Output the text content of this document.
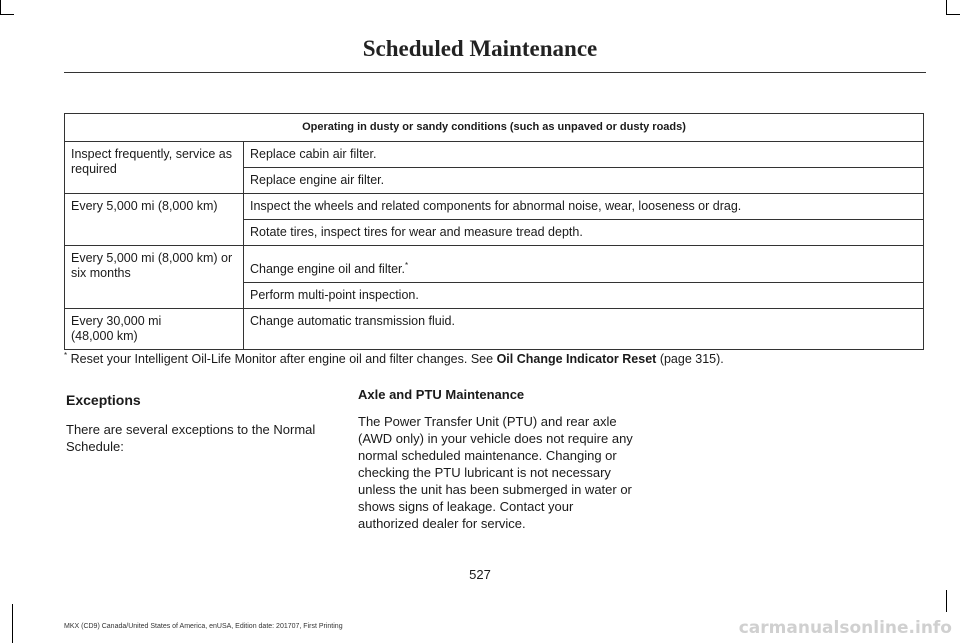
Scheduled Maintenance
Operating in dusty or sandy conditions (such as unpaved or dusty roads)	
Inspect frequently, service as required	Replace cabin air filter.
	Replace engine air filter.
Every 5,000 mi (8,000 km)	Inspect the wheels and related components for abnormal noise, wear, looseness or drag.
	Rotate tires, inspect tires for wear and measure tread depth.
Every 5,000 mi (8,000 km) or six months	Change engine oil and filter.*
	Perform multi-point inspection.
Every 30,000 mi
(48,000 km)	Change automatic transmission fluid.
* Reset your Intelligent Oil-Life Monitor after engine oil and filter changes. See Oil Change Indicator Reset (page 315).
Exceptions

There are several exceptions to the Normal Schedule:

Axle and PTU Maintenance

The Power Transfer Unit (PTU) and rear axle (AWD only) in your vehicle does not require any normal scheduled maintenance. Changing or checking the PTU lubricant is not necessary unless the unit has been submerged in water or shows signs of leakage. Contact your authorized dealer for service.

527
MKX (CD9) Canada/United States of America, enUSA, Edition date: 201707, First Printing	carmanualsonline.info
